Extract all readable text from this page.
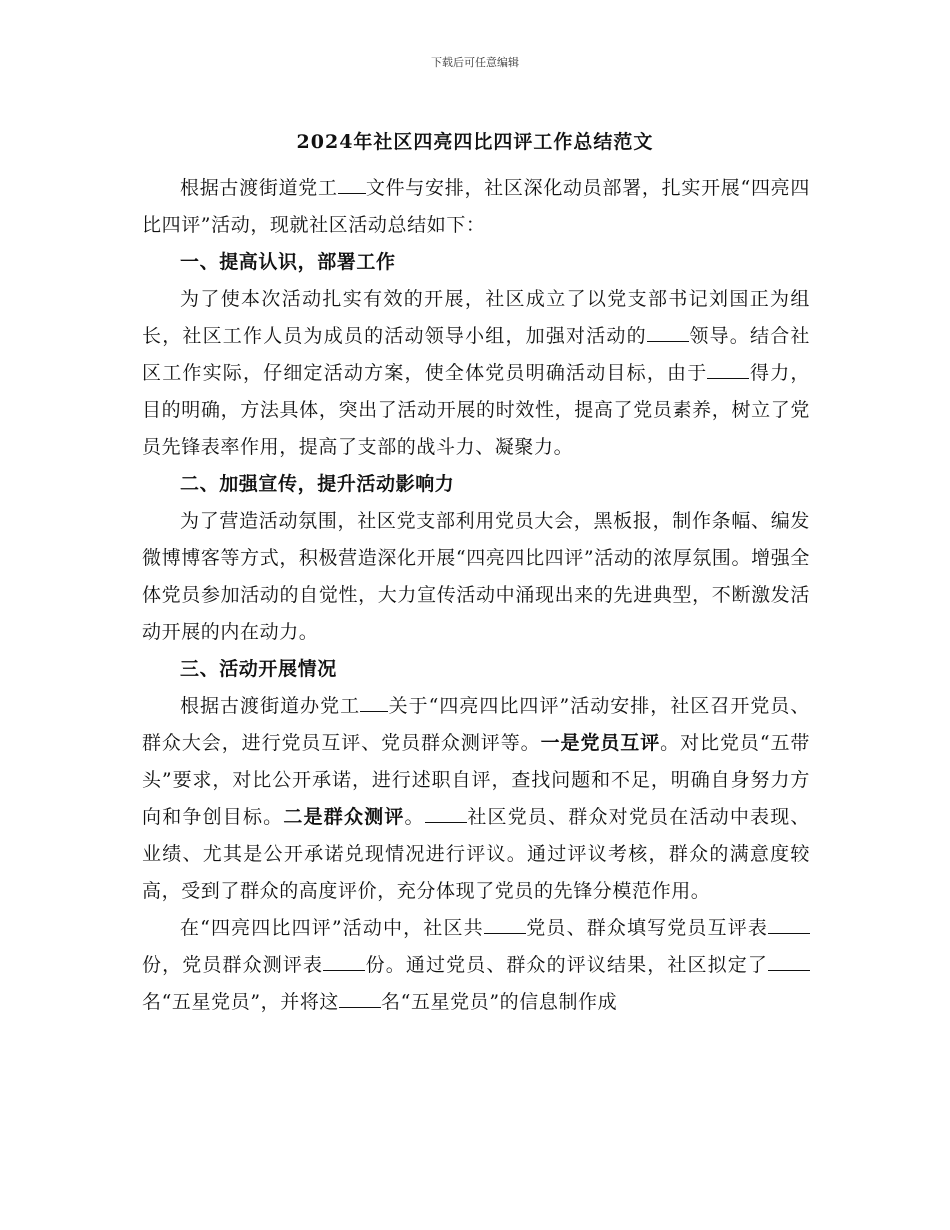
下载后可任意编辑
2024年社区四亮四比四评工作总结范文

根据古渡街道党工 文件与安排，社区深化动员部署，扎实开展“四亮四比四评”活动，现就社区活动总结如下：

一、提高认识，部署工作

为了使本次活动扎实有效的开展，社区成立了以党支部书记刘国正为组长，社区工作人员为成员的活动领导小组，加强对活动的 领导。结合社区工作实际，仔细定活动方案，使全体党员明确活动目标，由于 得力，目的明确，方法具体，突出了活动开展的时效性，提高了党员素养，树立了党员先锋表率作用，提高了支部的战斗力、凝聚力。

二、加强宣传，提升活动影响力

为了营造活动氛围，社区党支部利用党员大会，黑板报，制作条幅、编发微博博客等方式，积极营造深化开展“四亮四比四评”活动的浓厚氛围。增强全体党员参加活动的自觉性，大力宣传活动中涌现出来的先进典型，不断激发活动开展的内在动力。

三、活动开展情况

根据古渡街道办党工 关于“四亮四比四评”活动安排，社区召开党员、群众大会，进行党员互评、党员群众测评等。一是党员互评。对比党员“五带头”要求，对比公开承诺，进行述职自评，查找问题和不足，明确自身努力方向和争创目标。二是群众测评。 社区党员、群众对党员在活动中表现、业绩、尤其是公开承诺兑现情况进行评议。通过评议考核，群众的满意度较高，受到了群众的高度评价，充分体现了党员的先锋分模范作用。

在“四亮四比四评”活动中，社区共 党员、群众填写党员互评表份，党员群众测评表 份。通过党员、群众的评议结果，社区拟定了名“五星党员”，并将这 名“五星党员”的信息制作成
